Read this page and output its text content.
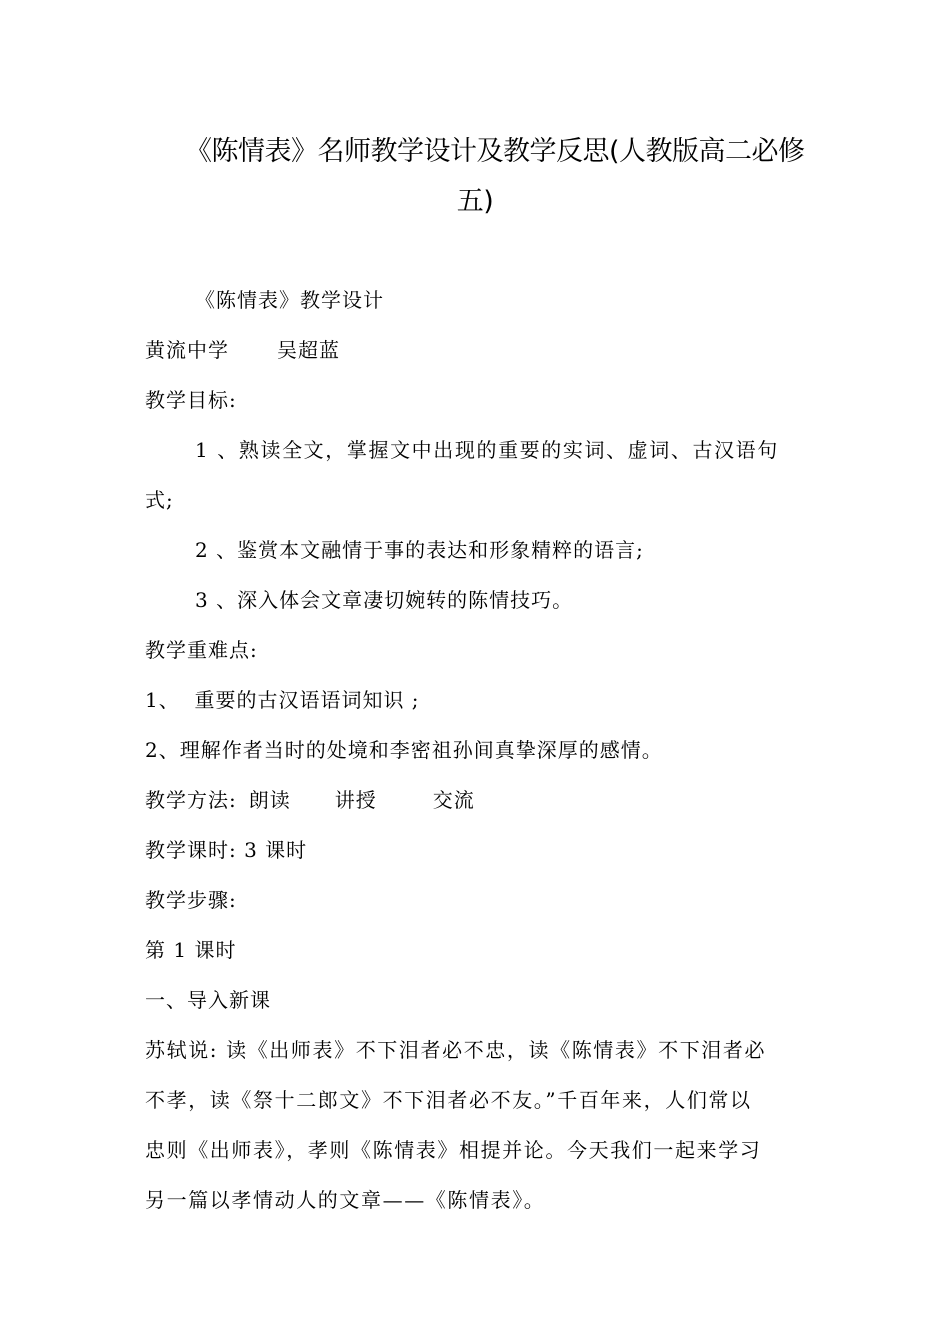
《陈情表》名师教学设计及教学反思(人教版高二必修
五)
《陈情表》教学设计
黄流中学 吴超蓝
教学目标:
1 、熟读全文，掌握文中出现的重要的实词、虚词、古汉语句
式;
2 、鉴赏本文融情于事的表达和形象精粹的语言;
3 、深入体会文章凄切婉转的陈情技巧。
教学重难点:
1、  重要的古汉语语词知识 ;
2、理解作者当时的处境和李密祖孙间真挚深厚的感情。
教学方法: 朗读 讲授	交流
教学课时: 3 课时
教学步骤:
第 1 课时
一、导入新课
苏轼说: 读《出师表》不下泪者必不忠，读《陈情表》不下泪者必
不孝，读《祭十二郎文》不下泪者必不友。”千百年来，人们常以
忠则《出师表》，孝则《陈情表》相提并论。今天我们一起来学习
另一篇以孝情动人的文章——《陈情表》。
